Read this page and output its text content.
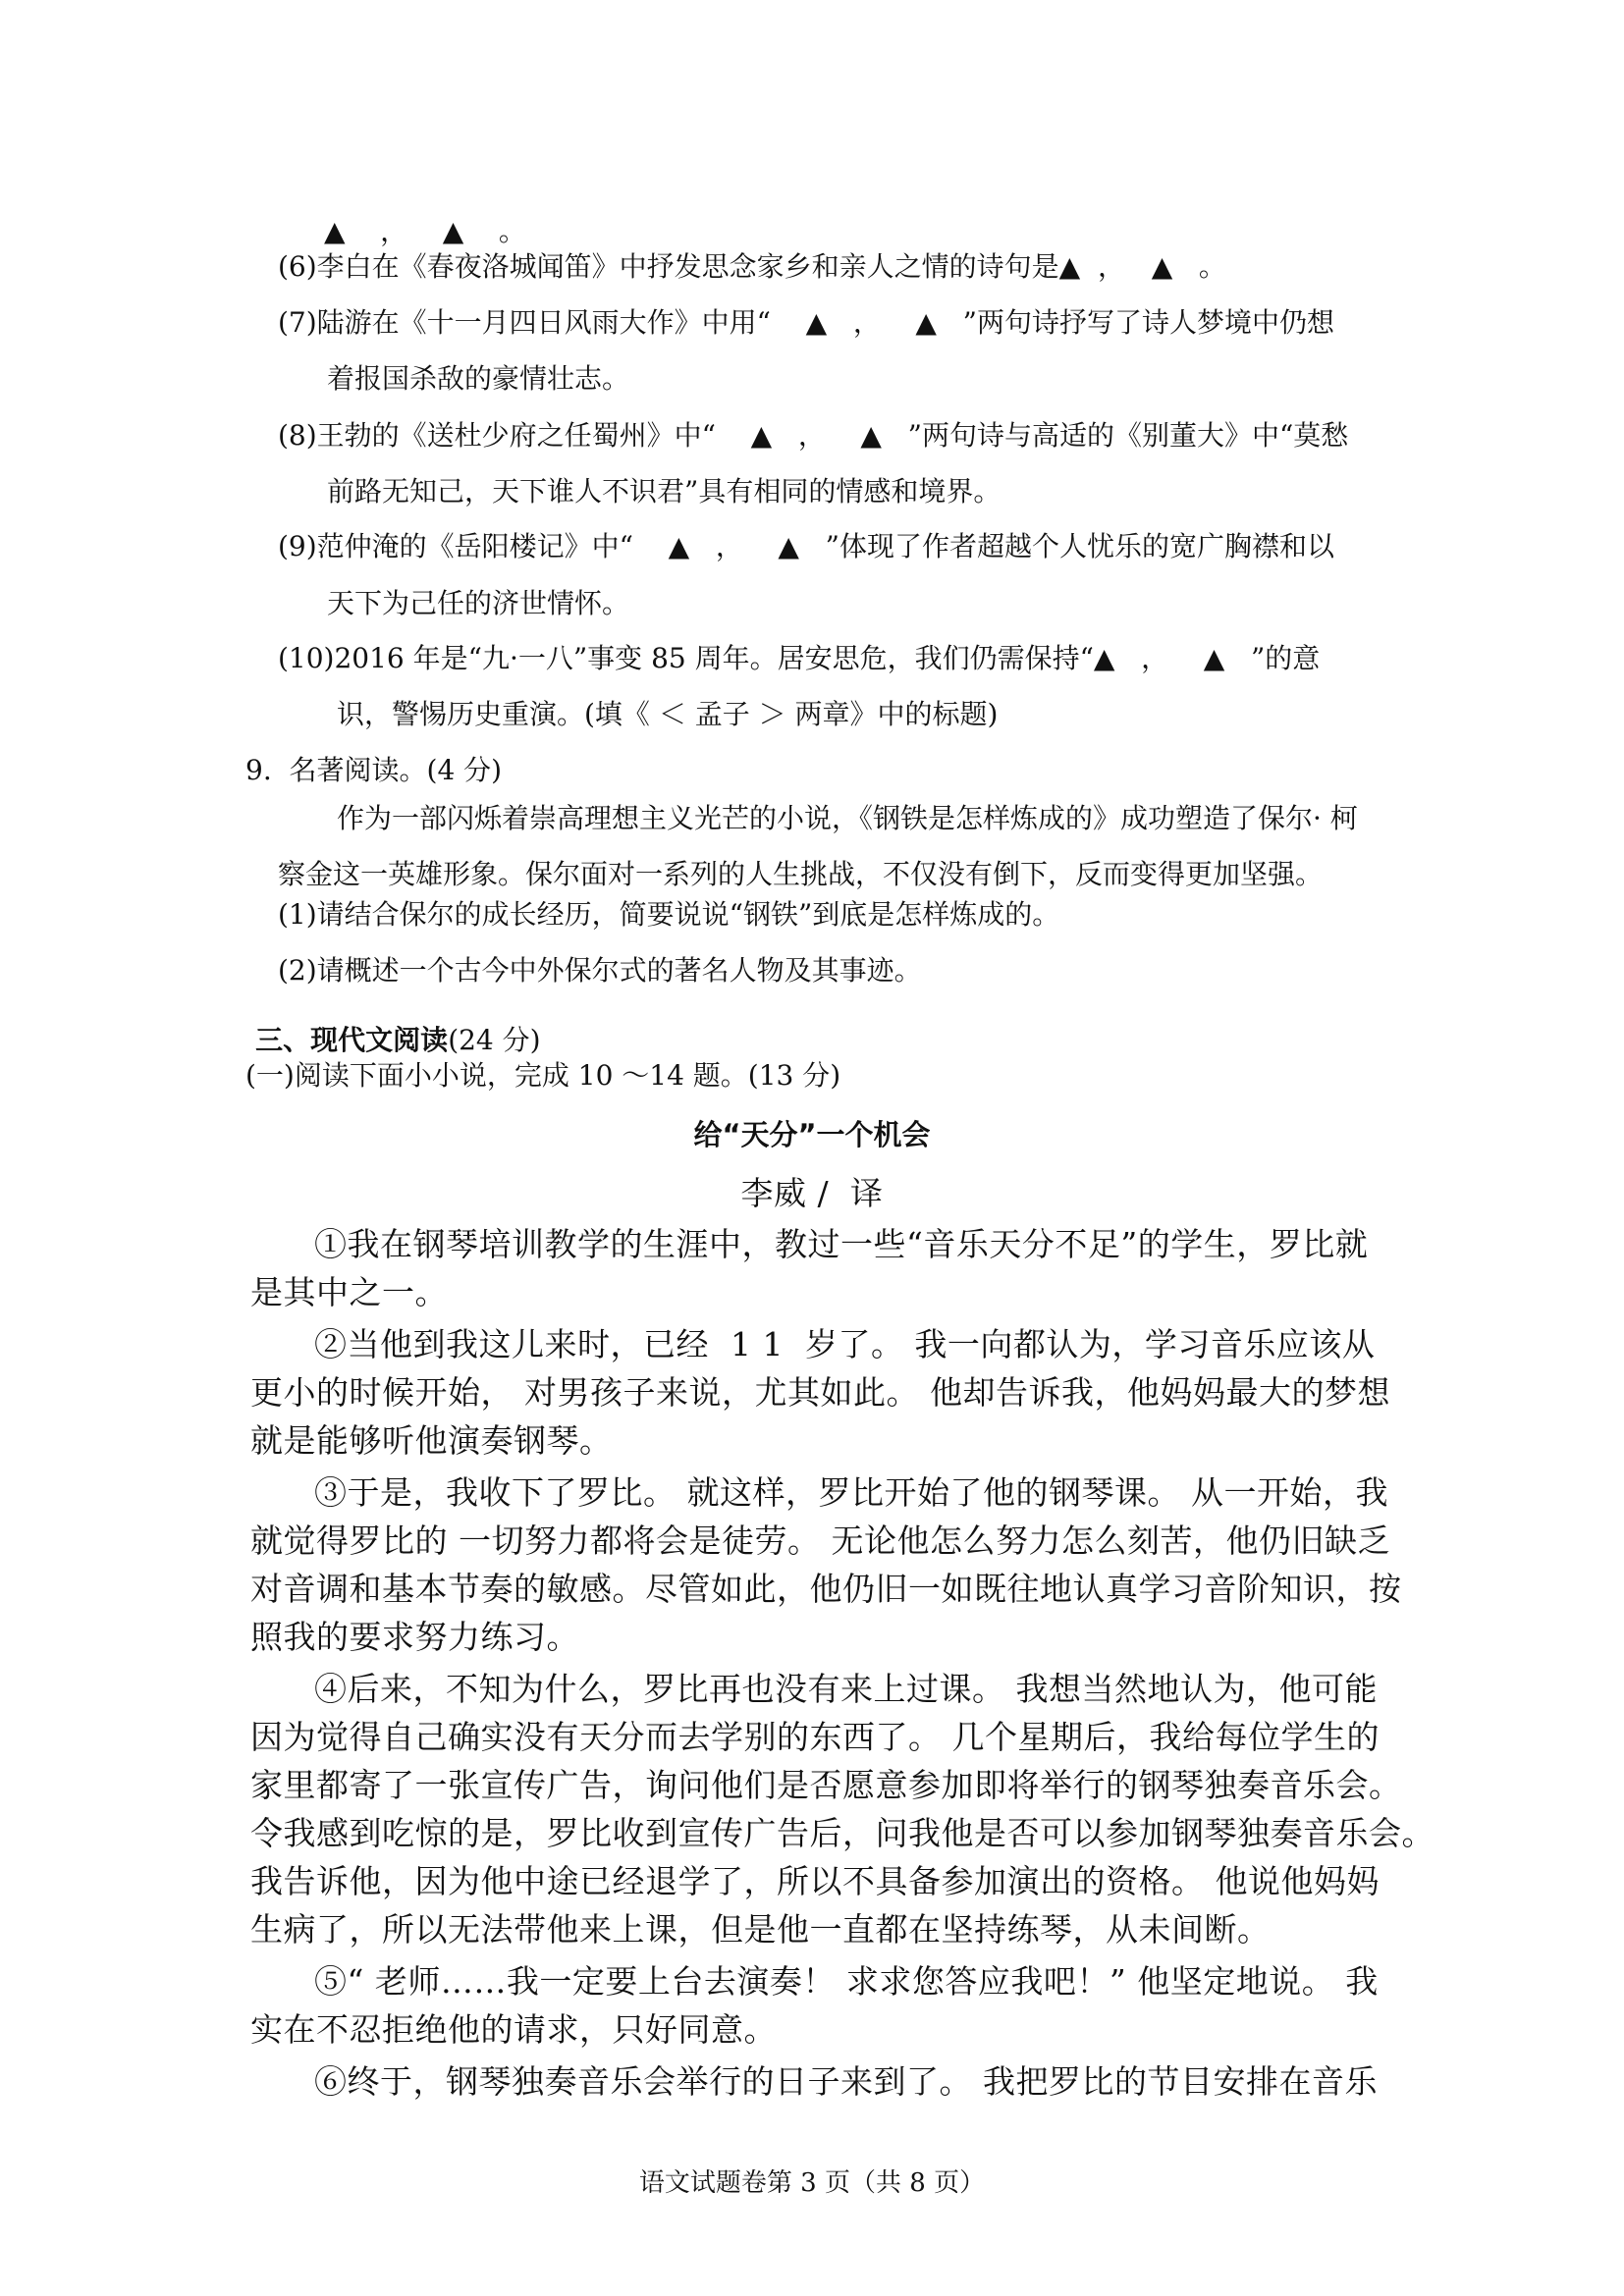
▲    ，    ▲    。
(6)李白在《春夜洛城闻笛》中抒发思念家乡和亲人之情的诗句是▲  ，   ▲   。
(7)陆游在《十一月四日风雨大作》中用“    ▲   ，    ▲   ”两句诗抒写了诗人梦境中仍想
着报国杀敌的豪情壮志。
(8)王勃的《送杜少府之任蜀州》中“    ▲   ，    ▲   ”两句诗与高适的《别董大》中“莫愁
前路无知己，天下谁人不识君”具有相同的情感和境界。
(9)范仲淹的《岳阳楼记》中“    ▲   ，    ▲   ”体现了作者超越个人忧乐的宽广胸襟和以
天下为己任的济世情怀。
(10)2016 年是“九·一八”事变 85 周年。居安思危，我们仍需保持“▲   ，    ▲   ”的意
识，警惕历史重演。(填《 ＜ 孟子 ＞ 两章》中的标题)
9.  名著阅读。(4 分)
作为一部闪烁着崇高理想主义光芒的小说，《钢铁是怎样炼成的》成功塑造了保尔· 柯
察金这一英雄形象。保尔面对一系列的人生挑战，不仅没有倒下，反而变得更加坚强。
(1)请结合保尔的成长经历，简要说说“钢铁”到底是怎样炼成的。
(2)请概述一个古今中外保尔式的著名人物及其事迹。

三、现代文阅读(24 分)

(一)阅读下面小小说，完成 10 ～14 题。(13 分)
给“天分”一个机会
李威 /  译
①我在钢琴培训教学的生涯中，教过一些“音乐天分不足”的学生，罗比就
是其中之一。
②当他到我这儿来时，已经  1 1  岁了。 我一向都认为，学习音乐应该从
更小的时候开始， 对男孩子来说，尤其如此。 他却告诉我，他妈妈最大的梦想
就是能够听他演奏钢琴。
③于是，我收下了罗比。 就这样，罗比开始了他的钢琴课。 从一开始，我
就觉得罗比的 一切努力都将会是徒劳。 无论他怎么努力怎么刻苦，他仍旧缺乏
对音调和基本节奏的敏感。尽管如此，他仍旧一如既往地认真学习音阶知识，按
照我的要求努力练习。
④后来，不知为什么，罗比再也没有来上过课。 我想当然地认为，他可能
因为觉得自己确实没有天分而去学别的东西了。 几个星期后，我给每位学生的
家里都寄了一张宣传广告，询问他们是否愿意参加即将举行的钢琴独奏音乐会。
令我感到吃惊的是，罗比收到宣传广告后，问我他是否可以参加钢琴独奏音乐会。
我告诉他，因为他中途已经退学了，所以不具备参加演出的资格。 他说他妈妈
生病了，所以无法带他来上课，但是他一直都在坚持练琴，从未间断。
⑤“ 老师……我一定要上台去演奏！ 求求您答应我吧！” 他坚定地说。 我
实在不忍拒绝他的请求，只好同意。
⑥终于，钢琴独奏音乐会举行的日子来到了。 我把罗比的节目安排在音乐
语文试题卷第 3 页（共 8 页）
